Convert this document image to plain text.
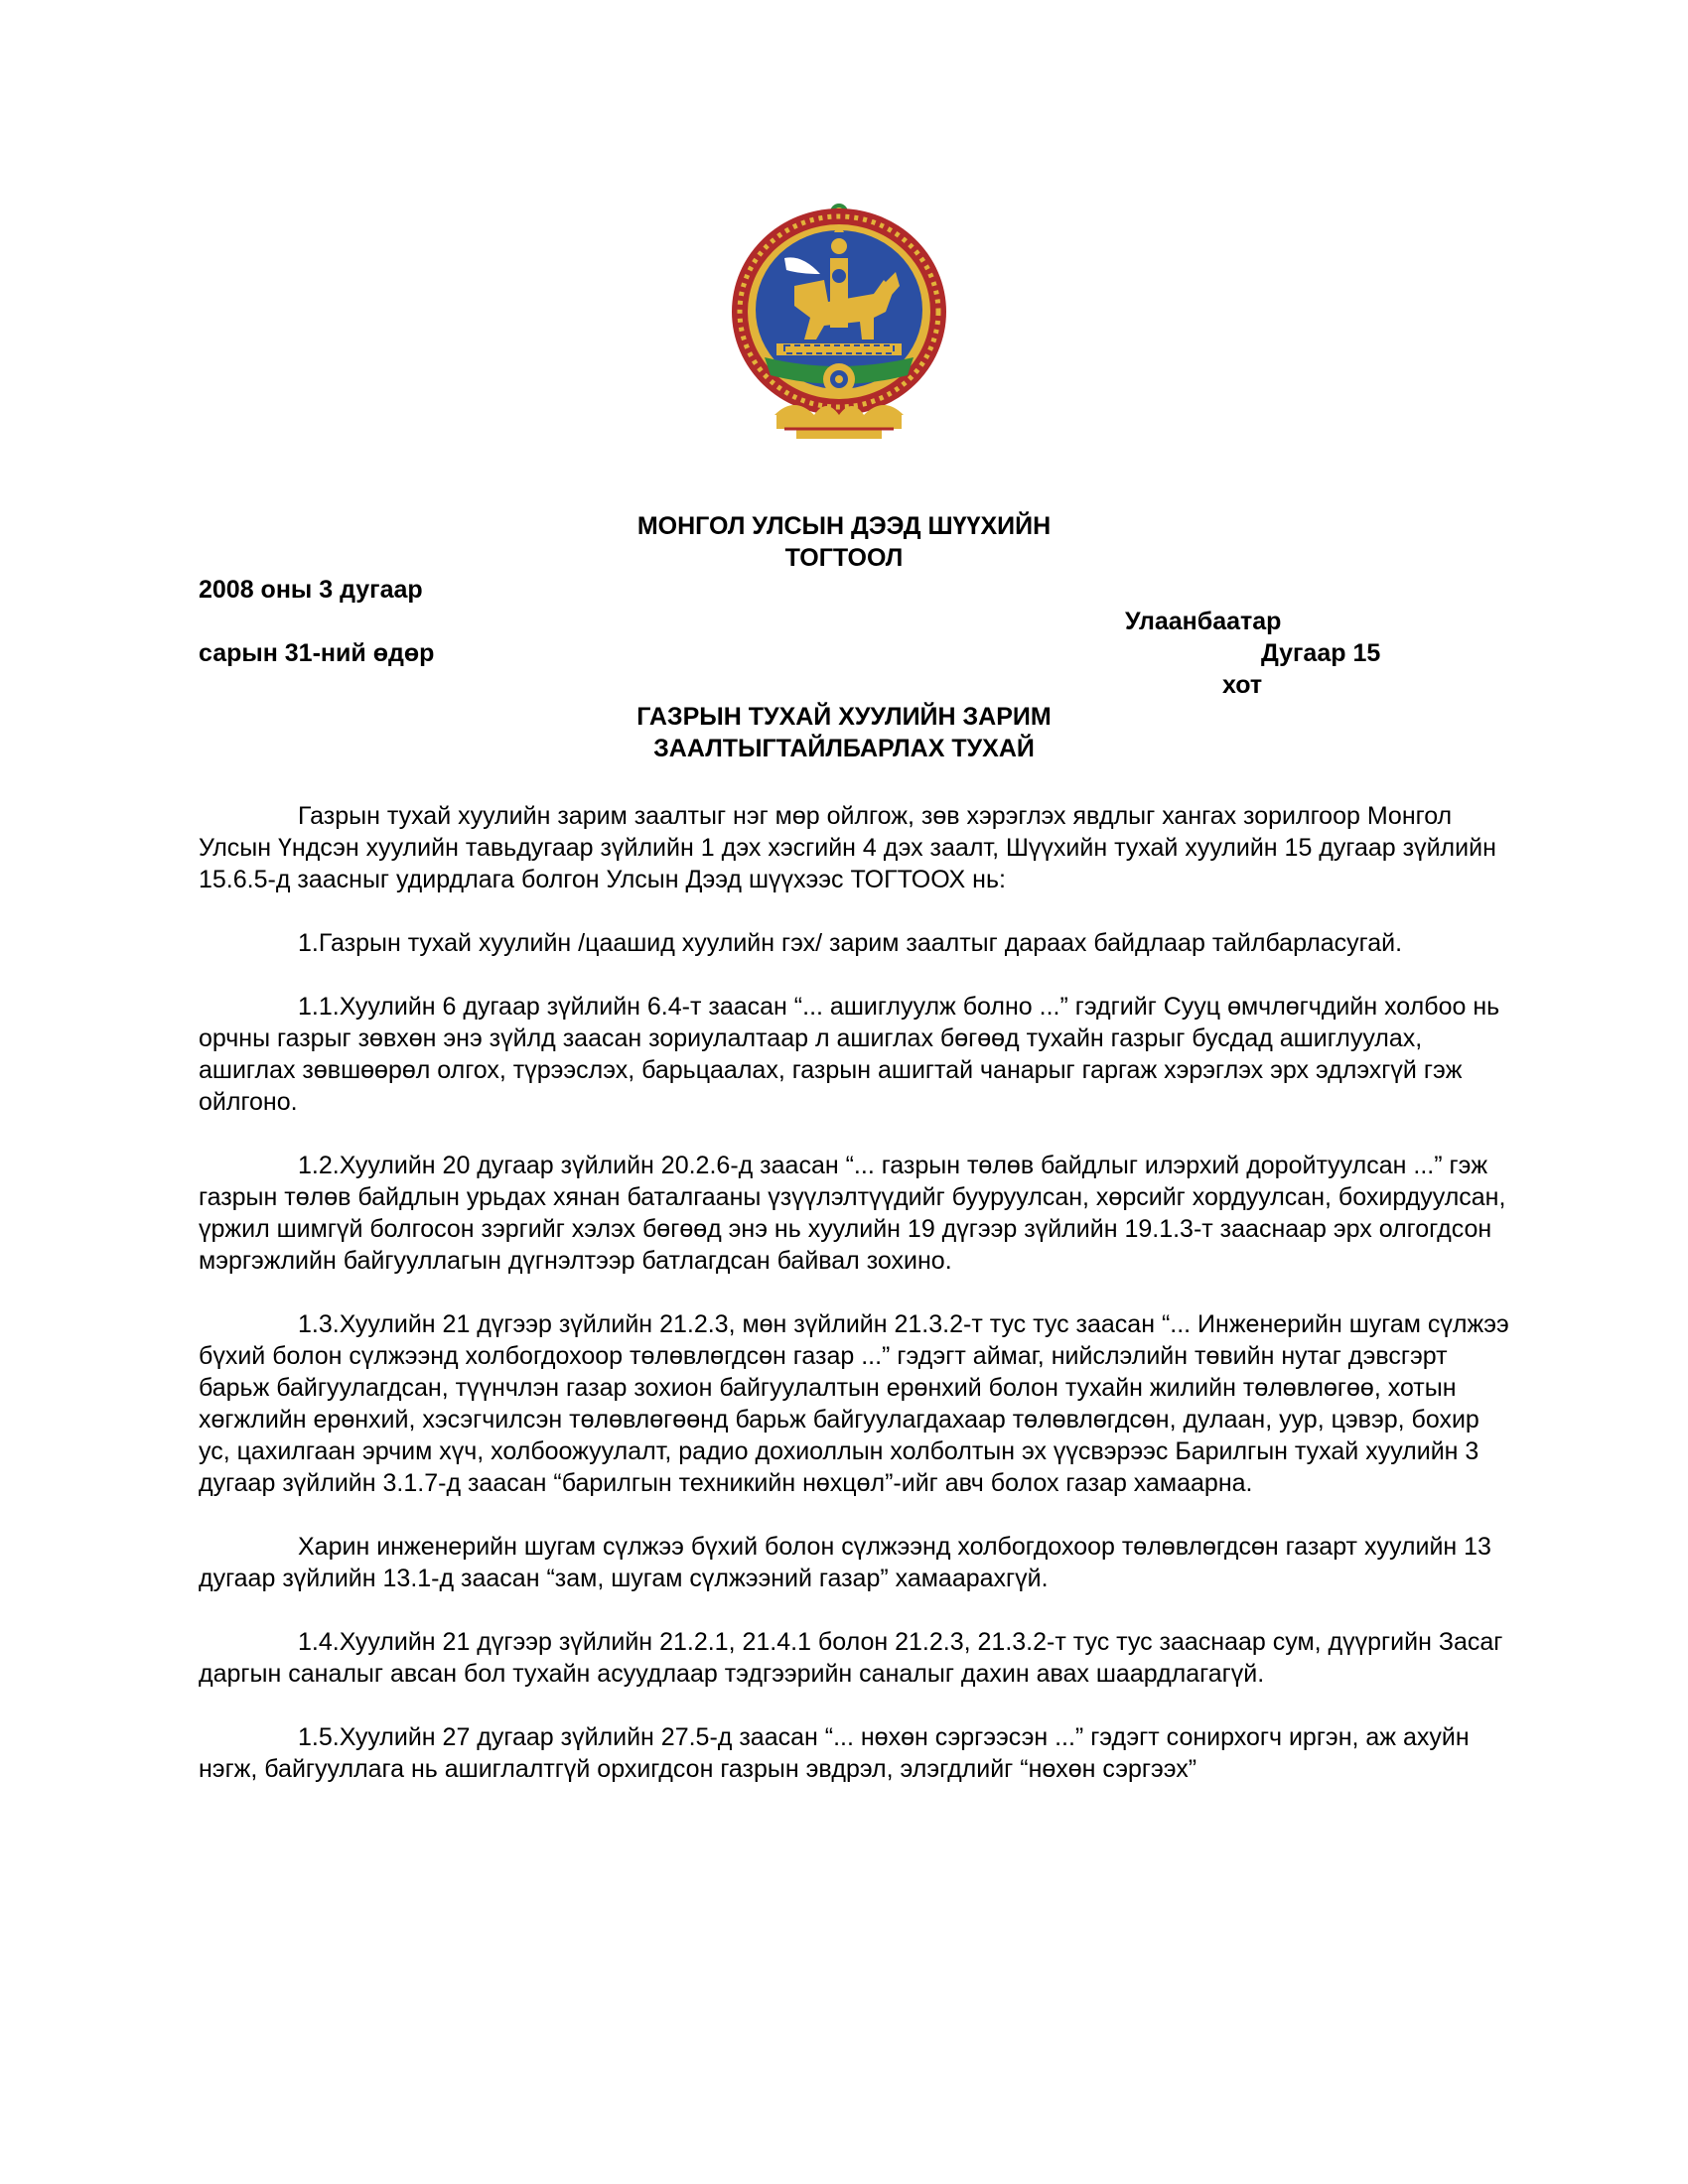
МОНГОЛ УЛСЫН ДЭЭД ШҮҮХИЙН
ТОГТООЛ
2008 оны 3 дугаар
Улаанбаатар
сарын 31-ний өдөр	Дугаар 15
хот
ГАЗРЫН ТУХАЙ ХУУЛИЙН ЗАРИМ
ЗААЛТЫГТАЙЛБАРЛАХ ТУХАЙ

Газрын тухай хуулийн зарим заалтыг нэг мөр ойлгож, зөв хэрэглэх явдлыг хангах зорилгоор Монгол Улсын Үндсэн хуулийн тавьдугаар зүйлийн 1 дэх хэсгийн 4 дэх заалт, Шүүхийн тухай хуулийн 15 дугаар зүйлийн 15.6.5-д заасныг удирдлага болгон Улсын Дээд шүүхээс ТОГТООХ нь:

1.Газрын тухай хуулийн /цаашид хуулийн гэх/ зарим заалтыг дараах байдлаар тайлбарласугай.

1.1.Хуулийн 6 дугаар зүйлийн 6.4-т заасан “... ашиглуулж болно ...” гэдгийг Сууц өмчлөгчдийн холбоо нь орчны газрыг зөвхөн энэ зүйлд заасан зориулалтаар л ашиглах бөгөөд тухайн газрыг бусдад ашиглуулах, ашиглах зөвшөөрөл олгох, түрээслэх, барьцаалах, газрын ашигтай чанарыг гаргаж хэрэглэх эрх эдлэхгүй гэж ойлгоно.

1.2.Хуулийн 20 дугаар зүйлийн 20.2.6-д заасан “... газрын төлөв байдлыг илэрхий доройтуулсан ...” гэж газрын төлөв байдлын урьдах хянан баталгааны үзүүлэлтүүдийг бууруулсан, хөрсийг хордуулсан, бохирдуулсан, үржил шимгүй болгосон зэргийг хэлэх бөгөөд энэ нь хуулийн 19 дүгээр зүйлийн 19.1.3-т зааснаар эрх олгогдсон мэргэжлийн байгууллагын дүгнэлтээр батлагдсан байвал зохино.

1.3.Хуулийн 21 дүгээр зүйлийн 21.2.3, мөн зүйлийн 21.3.2-т тус тус заасан “... Инженерийн шугам сүлжээ бүхий болон сүлжээнд холбогдохоор төлөвлөгдсөн газар ...” гэдэгт аймаг, нийслэлийн төвийн нутаг дэвсгэрт барьж байгуулагдсан, түүнчлэн газар зохион байгуулалтын ерөнхий болон тухайн жилийн төлөвлөгөө, хотын хөгжлийн ерөнхий, хэсэгчилсэн төлөвлөгөөнд барьж байгуулагдахаар төлөвлөгдсөн, дулаан, уур, цэвэр, бохир ус, цахилгаан эрчим хүч, холбоожуулалт, радио дохиоллын холболтын эх үүсвэрээс Барилгын тухай хуулийн 3 дугаар зүйлийн 3.1.7-д заасан “барилгын техникийн нөхцөл”-ийг авч болох газар хамаарна.

Харин инженерийн шугам сүлжээ бүхий болон сүлжээнд холбогдохоор төлөвлөгдсөн газарт хуулийн 13 дугаар зүйлийн 13.1-д заасан “зам, шугам сүлжээний газар” хамаарахгүй.

1.4.Хуулийн 21 дүгээр зүйлийн 21.2.1, 21.4.1 болон 21.2.3, 21.3.2-т тус тус зааснаар сум, дүүргийн Засаг даргын саналыг авсан бол тухайн асуудлаар тэдгээрийн саналыг дахин авах шаардлагагүй.

1.5.Хуулийн 27 дугаар зүйлийн 27.5-д заасан “... нөхөн сэргээсэн ...” гэдэгт сонирхогч иргэн, аж ахуйн нэгж, байгууллага нь ашиглалтгүй орхигдсон газрын эвдрэл, элэгдлийг “нөхөн сэргээх”
